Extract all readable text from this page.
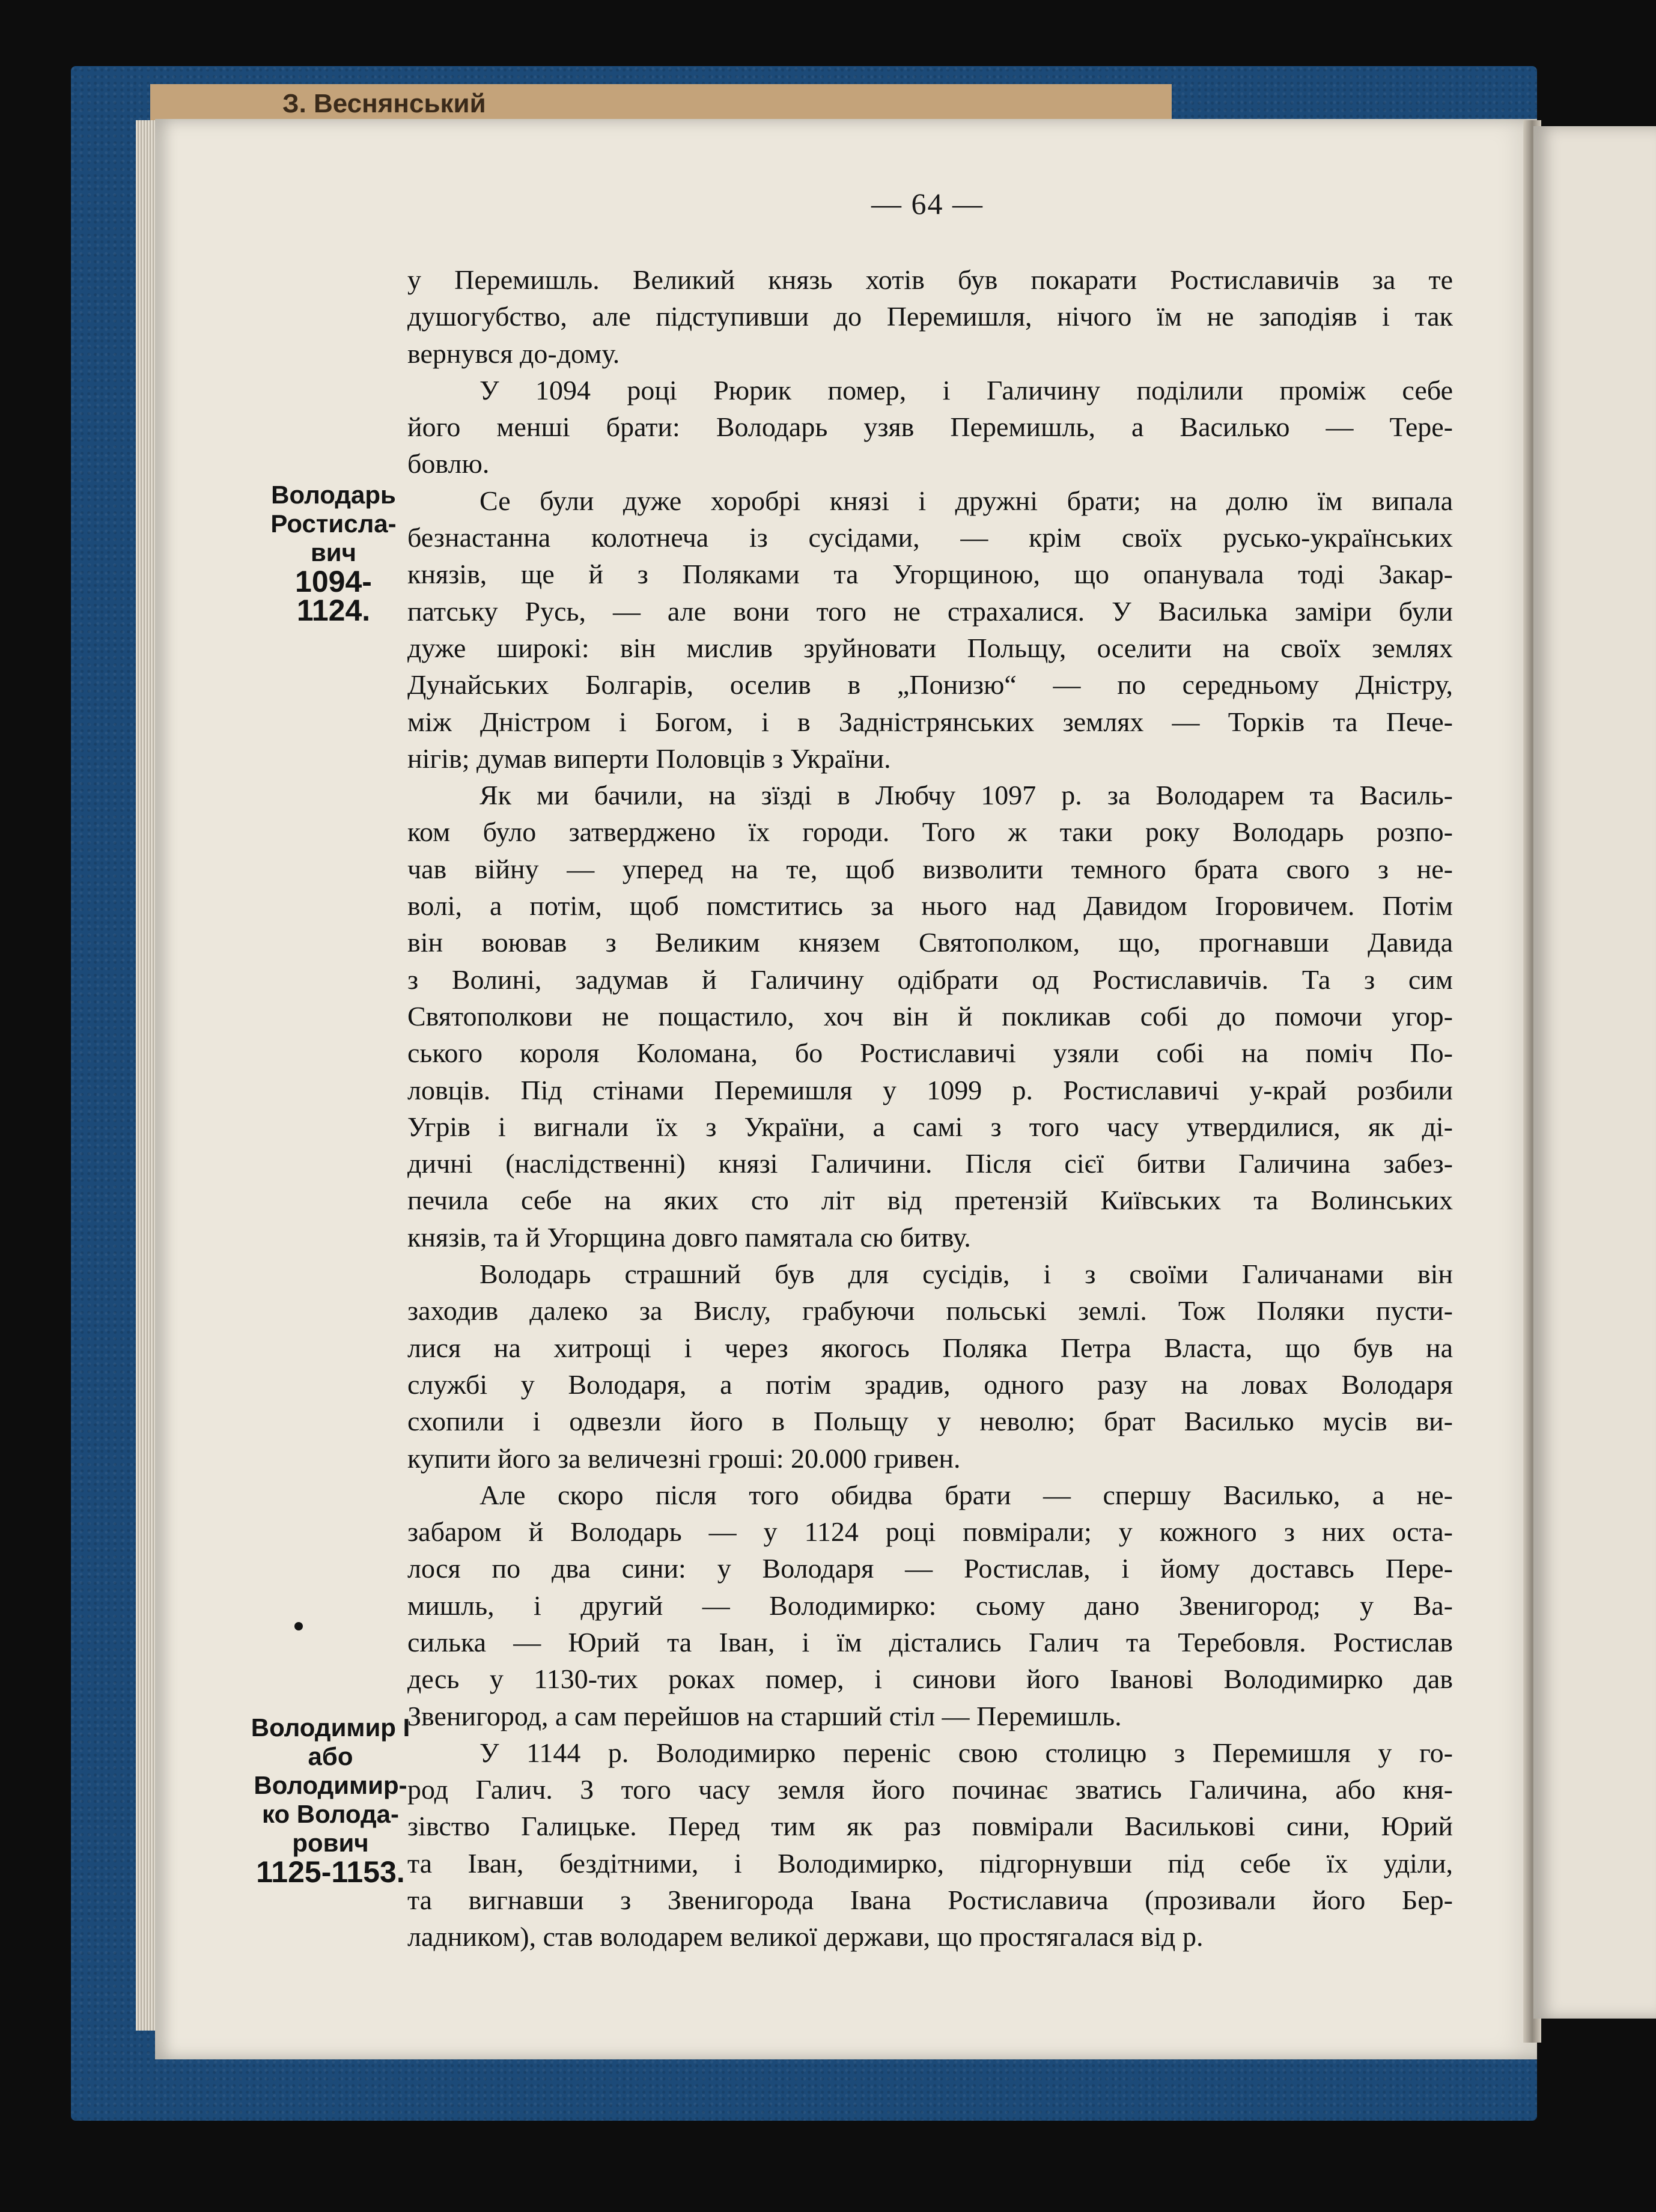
З. Веснянський
— 64 —
Володарь
Ростисла-
вич
1094-1124.
Володимир I
або
Володимир-
ко Волода-
рович
1125-1153.
у Перемишль. Великий князь хотів був покарати Ростиславичів за те
душогубство, але підступивши до Перемишля, нічого їм не заподіяв і так
вернувся до-дому.
У 1094 році Рюрик помер, і Галичину поділили проміж себе
його менші брати: Володарь узяв Перемишль, а Василько — Тере-
бовлю.
Се були дуже хоробрі князі і дружні брати; на долю їм випала
безнастанна колотнеча із сусідами, — крім своїх русько-українських
князів, ще й з Поляками та Угорщиною, що опанувала тоді Закар-
патську Русь, — але вони того не страхалися. У Василька заміри були
дуже широкі: він мислив зруйновати Польщу, оселити на своїх землях
Дунайських Болгарів, оселив в „Понизю“ — по середньому Дністру,
між Дністром і Богом, і в Задністрянських землях — Торків та Пече-
нігів; думав виперти Половців з України.
Як ми бачили, на зїзді в Любчу 1097 р. за Володарем та Василь-
ком було затверджено їх городи. Того ж таки року Володарь розпо-
чав війну — уперед на те, щоб визволити темного брата свого з не-
волі, а потім, щоб помститись за нього над Давидом Ігоровичем. Потім
він воював з Великим князем Святополком, що, прогнавши Давида
з Волині, задумав й Галичину одібрати од Ростиславичів. Та з сим
Святополкови не пощастило, хоч він й покликав собі до помочи угор-
ського короля Коломана, бо Ростиславичі узяли собі на поміч По-
ловців. Під стінами Перемишля у 1099 р. Ростиславичі у-край розбили
Угрів і вигнали їх з України, а самі з того часу утвердилися, як ді-
дичні (наслідственні) князі Галичини. Після сієї битви Галичина забез-
печила себе на яких сто літ від претензій Київських та Волинських
князів, та й Угорщина довго памятала сю битву.
Володарь страшний був для сусідів, і з своїми Галичанами він
заходив далеко за Вислу, грабуючи польські землі. Тож Поляки пусти-
лися на хитрощі і через якогось Поляка Петра Власта, що був на
службі у Володаря, а потім зрадив, одного разу на ловах Володаря
схопили і одвезли його в Польщу у неволю; брат Василько мусів ви-
купити його за величезні гроші: 20.000 гривен.
Але скоро після того обидва брати — спершу Василько, а не-
забаром й Володарь — у 1124 році повмірали; у кожного з них оста-
лося по два сини: у Володаря — Ростислав, і йому доставсь Пере-
мишль, і другий — Володимирко: сьому дано Звенигород; у Ва-
силька — Юрий та Іван, і їм дістались Галич та Теребовля. Ростислав
десь у 1130-тих роках помер, і синови його Іванові Володимирко дав
Звенигород, а сам перейшов на старший стіл — Перемишль.
У 1144 р. Володимирко переніс свою столицю з Перемишля у го-
род Галич. З того часу земля його починає зватись Галичина, або кня-
зівство Галицьке. Перед тим як раз повмірали Васильковi сини, Юрий
та Іван, бездітними, і Володимирко, підгорнувши під себе їх уділи,
та вигнавши з Звенигорода Івана Ростиславича (прозивали його Бер-
ладником), став володарем великої держави, що простягалася від р.
